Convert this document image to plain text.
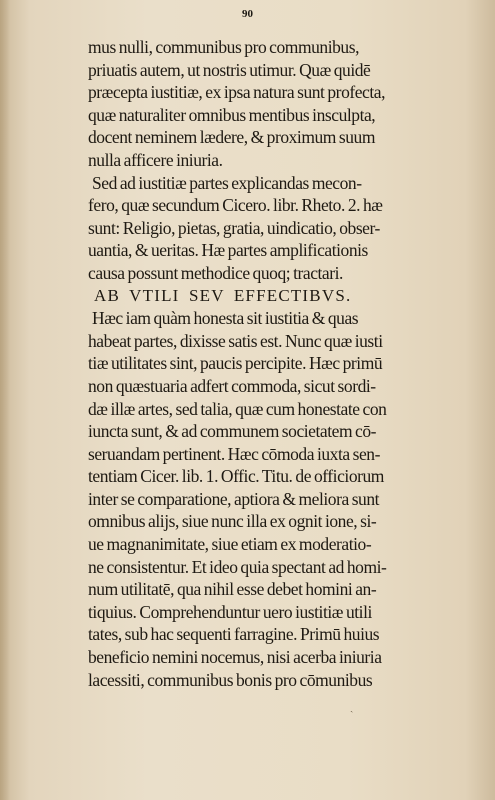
90
mus nulli, communibus pro communibus,
priuatis autem, ut nostris utimur. Quæ quidē
præcepta iustitiæ, ex ipsa natura sunt profecta,
quæ naturaliter omnibus mentibus insculpta,
docent neminem lædere, & proximum suum
nulla afficere iniuria.
Sed ad iustitiæ partes explicandas mecon-
fero, quæ secundum Cicero. libr. Rheto. 2. hæ
sunt: Religio, pietas, gratia, uindicatio, obser-
uantia, & ueritas. Hæ partes amplificationis
causa possunt methodice quoq; tractari.
AB VTILI SEV EFFECTIBVS.
Hæc iam quàm honesta sit iustitia & quas
habeat partes, dixisse satis est. Nunc quæ iusti
tiæ utilitates sint, paucis percipite. Hæc primū
non quæstuaria adfert commoda, sicut sordi-
dæ illæ artes, sed talia, quæ cum honestate con
iuncta sunt, & ad communem societatem cō-
seruandam pertinent. Hæc cōmoda iuxta sen-
tentiam Cicer. lib. 1. Offic. Titu. de officiorum
inter se comparatione, aptiora & meliora sunt
omnibus alijs, siue nunc illa ex ognit ione, si-
ue magnanimitate, siue etiam ex moderatio-
ne consistentur. Et ideo quia spectant ad homi-
num utilitatē, qua nihil esse debet homini an-
tiquius. Comprehenduntur uero iustitiæ utili
tates, sub hac sequenti farragine. Primū huius
beneficio nemini nocemus, nisi acerba iniuria
lacessiti, communibus bonis pro cōmunibus
ˎ
